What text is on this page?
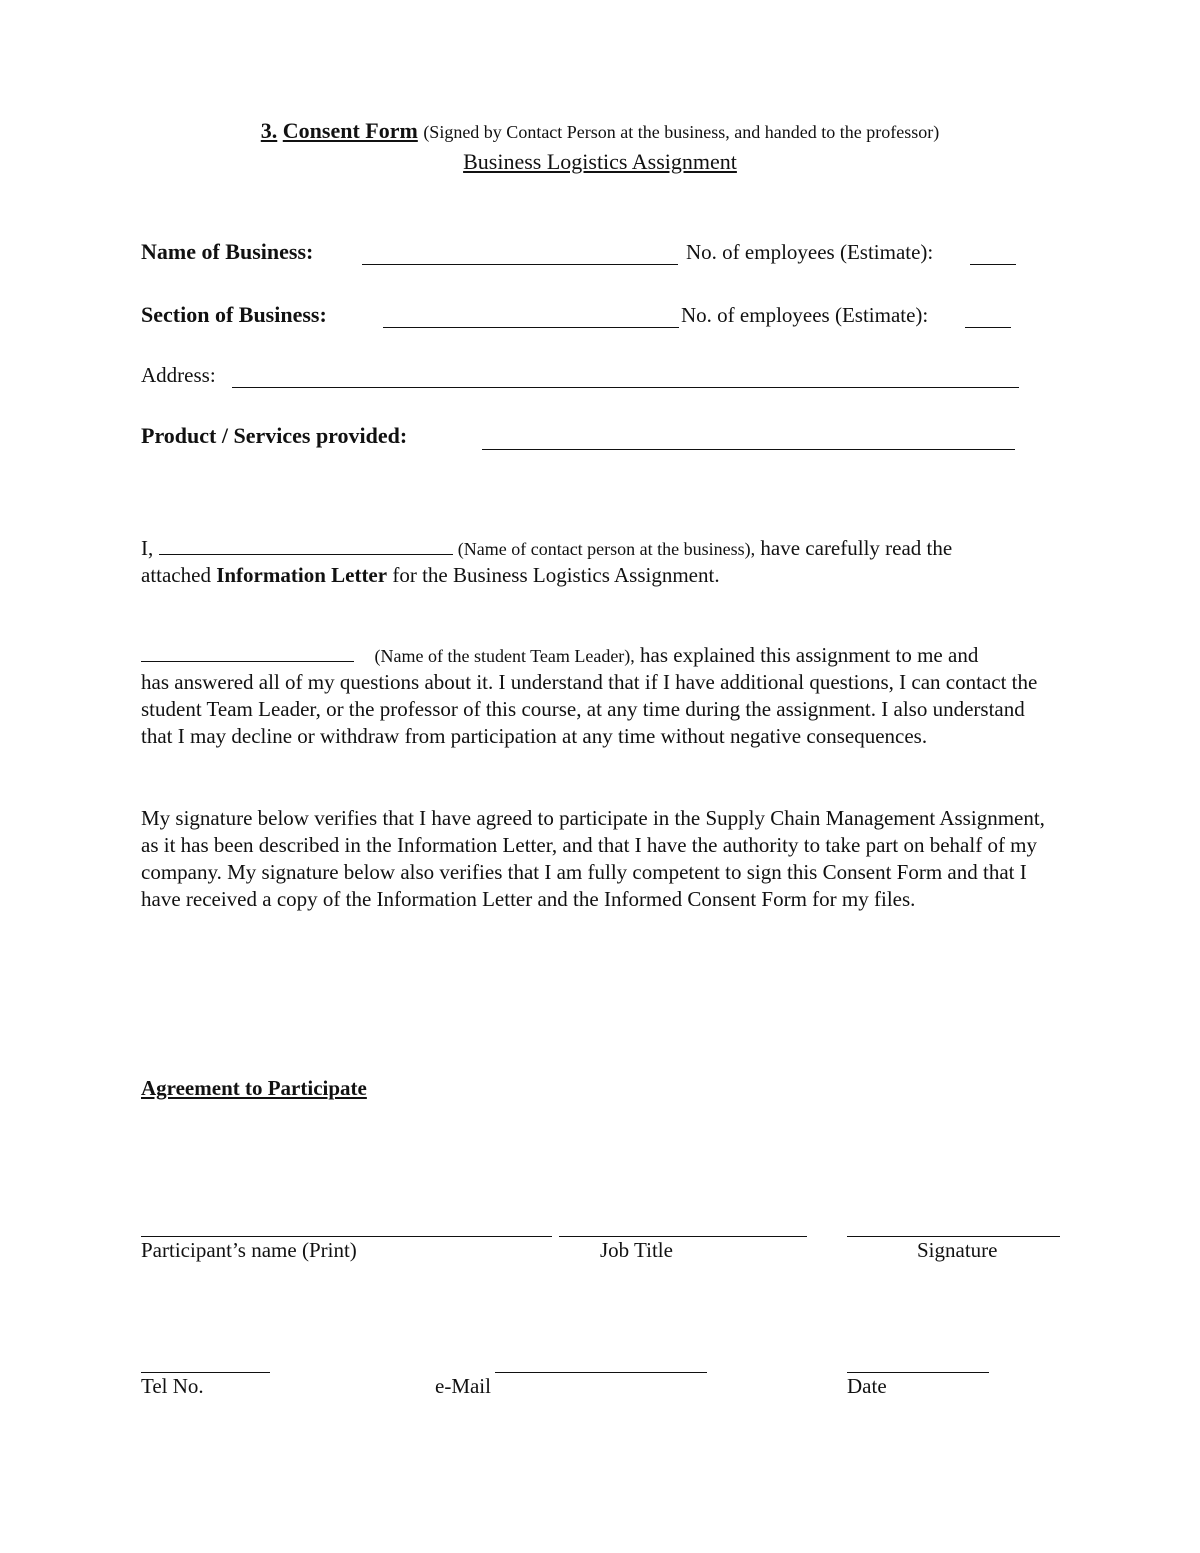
3. Consent Form (Signed by Contact Person at the business, and handed to the professor)
Business Logistics Assignment
Name of Business:	No. of employees (Estimate):
Section of Business:	No. of employees (Estimate):
Address:
Product / Services provided:
I,	(Name of contact person at the business), have carefully read the
attached Information Letter for the Business Logistics Assignment.
(Name of the student Team Leader), has explained this assignment to me and

has answered all of my questions about it. I understand that if I have additional questions, I can contact the student Team Leader, or the professor of this course, at any time during the assignment. I also understand that I may decline or withdraw from participation at any time without negative consequences.

My signature below verifies that I have agreed to participate in the Supply Chain Management Assignment, as it has been described in the Information Letter, and that I have the authority to take part on behalf of my company. My signature below also verifies that I am fully competent to sign this Consent Form and that I have received a copy of the Information Letter and the Informed Consent Form for my files.

Agreement to Participate
Participant’s name (Print)	Job Title	Signature
Tel No.	e-Mail	Date
